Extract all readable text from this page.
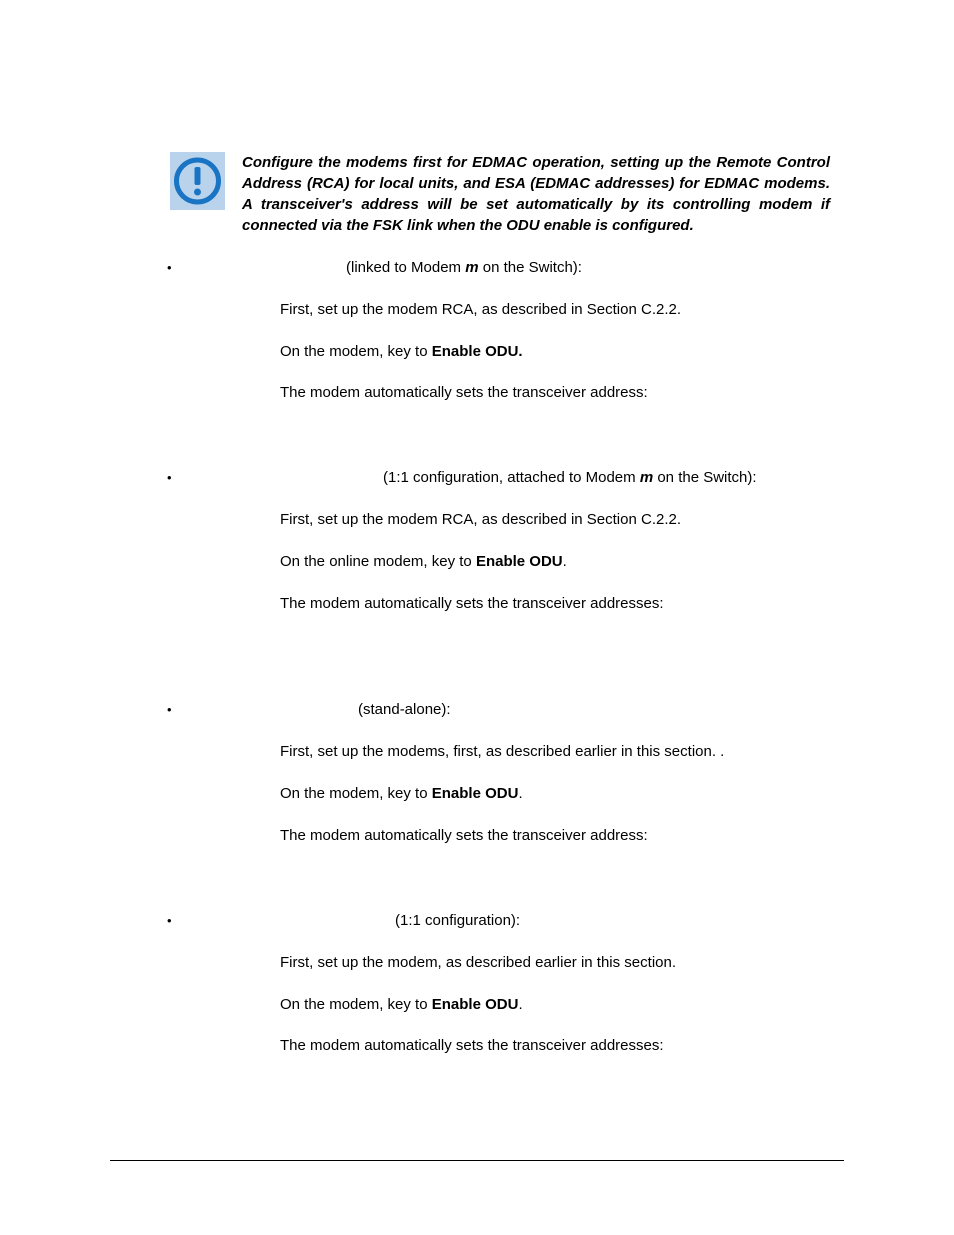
Configure the modems first for EDMAC operation, setting up the Remote Control Address (RCA) for local units, and ESA (EDMAC addresses) for EDMAC modems. A transceiver's address will be set automatically by its controlling modem if connected via the FSK link when the ODU enable is configured.
•	(linked to Modem m on the Switch):
First, set up the modem RCA, as described in Section C.2.2.
On the modem, key to Enable ODU.
The modem automatically sets the transceiver address:
•	(1:1 configuration, attached to Modem m on the Switch):
First, set up the modem RCA, as described in Section C.2.2.
On the online modem, key to Enable ODU.
The modem automatically sets the transceiver addresses:
•	(stand-alone):
First, set up the modems, first, as described earlier in this section. .
On the modem, key to Enable ODU.
The modem automatically sets the transceiver address:
•	(1:1 configuration):
First, set up the modem, as described earlier in this section.
On the modem, key to Enable ODU.
The modem automatically sets the transceiver addresses:
